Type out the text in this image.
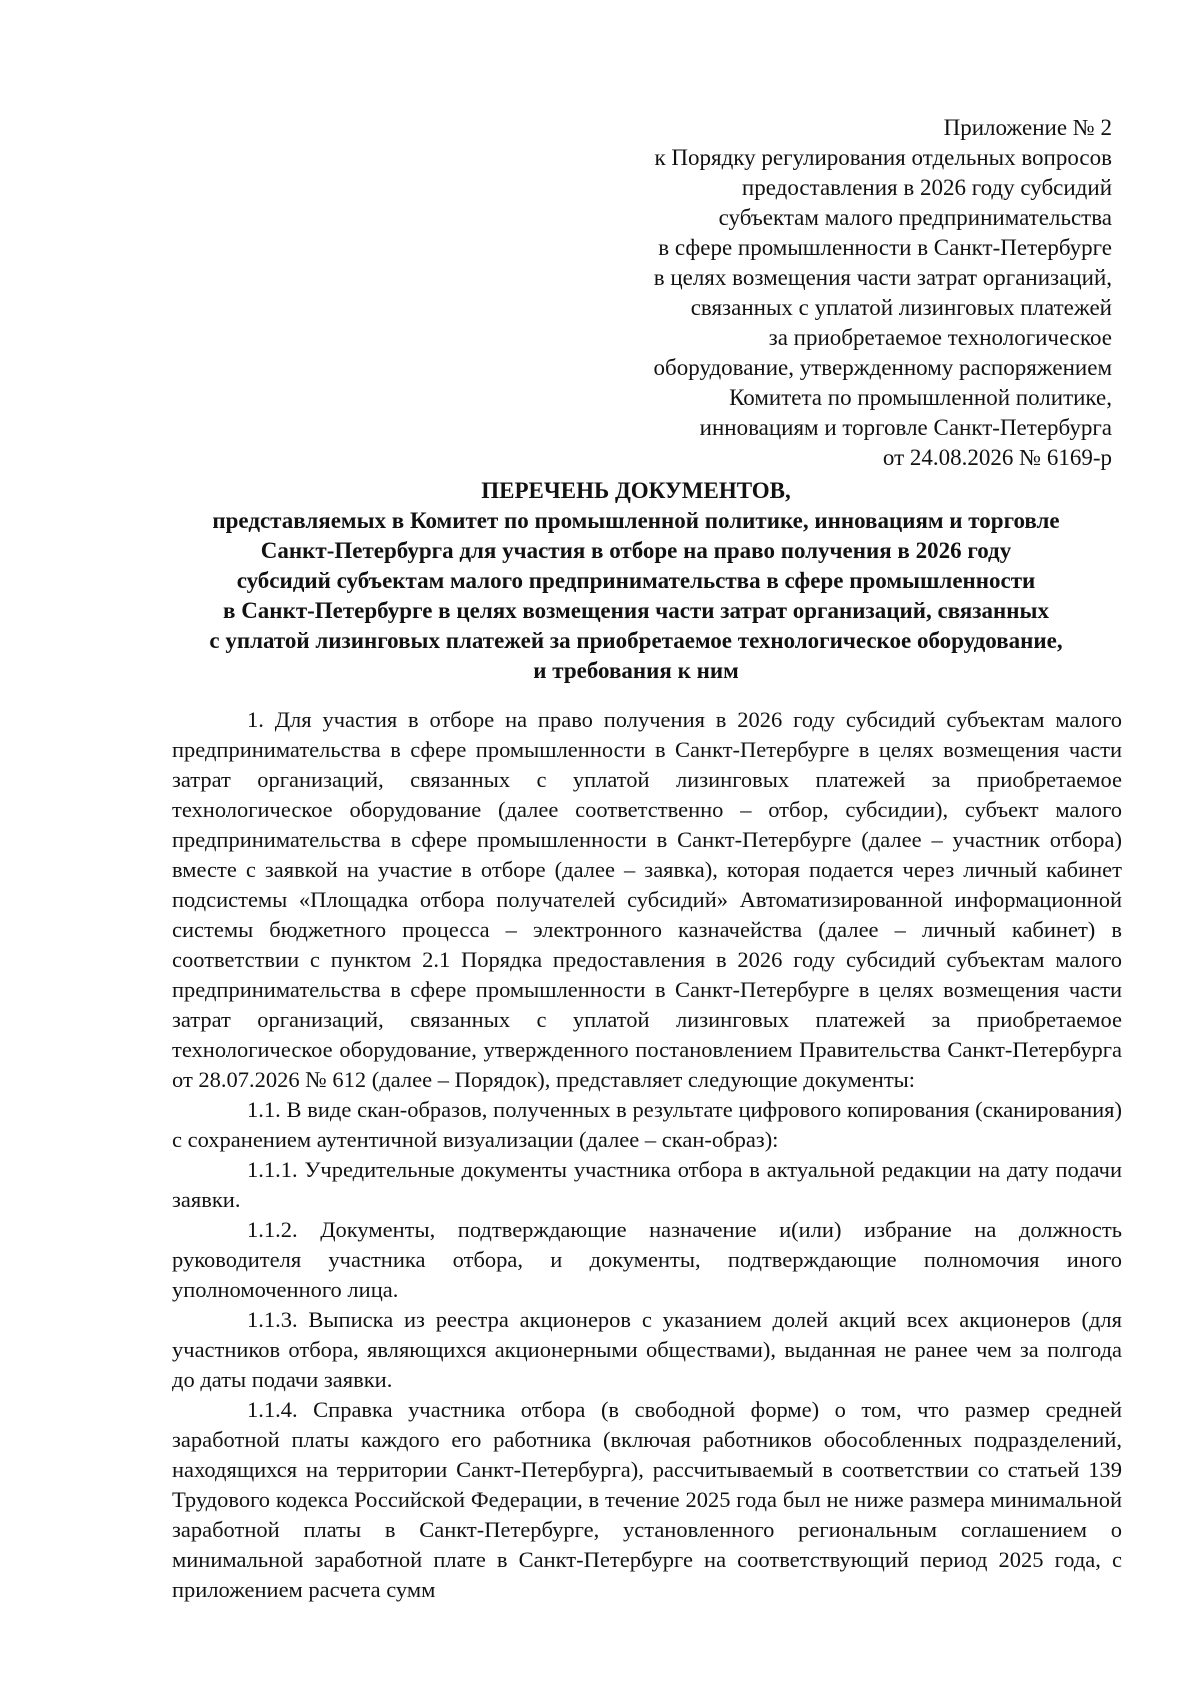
Приложение № 2
к Порядку регулирования отдельных вопросов
предоставления в 2026 году субсидий
субъектам малого предпринимательства
в сфере промышленности в Санкт-Петербурге
в целях возмещения части затрат организаций,
связанных с уплатой лизинговых платежей
за приобретаемое технологическое
оборудование, утвержденному распоряжением
Комитета по промышленной политике,
инновациям и торговле Санкт-Петербурга
от 24.08.2026 № 6169-р
ПЕРЕЧЕНЬ ДОКУМЕНТОВ,
представляемых в Комитет по промышленной политике, инновациям и торговле
Санкт-Петербурга для участия в отборе на право получения в 2026 году
субсидий субъектам малого предпринимательства в сфере промышленности
в Санкт-Петербурге в целях возмещения части затрат организаций, связанных
с уплатой лизинговых платежей за приобретаемое технологическое оборудование,
и требования к ним

1. Для участия в отборе на право получения в 2026 году субсидий субъектам малого предпринимательства в сфере промышленности в Санкт-Петербурге в целях возмещения части затрат организаций, связанных с уплатой лизинговых платежей за приобретаемое технологическое оборудование (далее соответственно – отбор, субсидии), субъект малого предпринимательства в сфере промышленности в Санкт-Петербурге (далее – участник отбора) вместе с заявкой на участие в отборе (далее – заявка), которая подается через личный кабинет подсистемы «Площадка отбора получателей субсидий» Автоматизированной информационной системы бюджетного процесса – электронного казначейства (далее – личный кабинет) в соответствии с пунктом 2.1 Порядка предоставления в 2026 году субсидий субъектам малого предпринимательства в сфере промышленности в Санкт-Петербурге в целях возмещения части затрат организаций, связанных с уплатой лизинговых платежей за приобретаемое технологическое оборудование, утвержденного постановлением Правительства Санкт-Петербурга от 28.07.2026 № 612 (далее – Порядок), представляет следующие документы:

1.1. В виде скан-образов, полученных в результате цифрового копирования (сканирования) с сохранением аутентичной визуализации (далее – скан-образ):

1.1.1. Учредительные документы участника отбора в актуальной редакции на дату подачи заявки.

1.1.2. Документы, подтверждающие назначение и(или) избрание на должность руководителя участника отбора, и документы, подтверждающие полномочия иного уполномоченного лица.

1.1.3. Выписка из реестра акционеров с указанием долей акций всех акционеров (для участников отбора, являющихся акционерными обществами), выданная не ранее чем за полгода до даты подачи заявки.

1.1.4. Справка участника отбора (в свободной форме) о том, что размер средней заработной платы каждого его работника (включая работников обособленных подразделений, находящихся на территории Санкт-Петербурга), рассчитываемый в соответствии со статьей 139 Трудового кодекса Российской Федерации, в течение 2025 года был не ниже размера минимальной заработной платы в Санкт-Петербурге, установленного региональным соглашением о минимальной заработной плате в Санкт-Петербурге на соответствующий период 2025 года, с приложением расчета сумм
